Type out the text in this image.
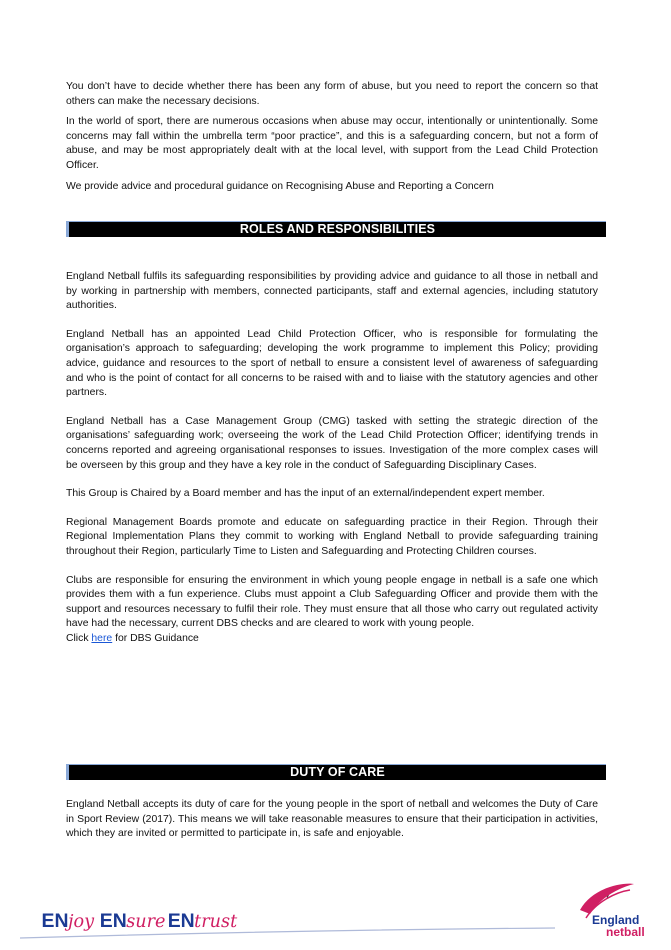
You don’t have to decide whether there has been any form of abuse, but you need to report the concern so that others can make the necessary decisions.

In the world of sport, there are numerous occasions when abuse may occur, intentionally or unintentionally. Some concerns may fall within the umbrella term “poor practice”, and this is a safeguarding concern, but not a form of abuse, and may be most appropriately dealt with at the local level, with support from the Lead Child Protection Officer.

We provide advice and procedural guidance on Recognising Abuse and Reporting a Concern

ROLES AND RESPONSIBILITIES

England Netball fulfils its safeguarding responsibilities by providing advice and guidance to all those in netball and by working in partnership with members, connected participants, staff and external agencies, including statutory authorities.

England Netball has an appointed Lead Child Protection Officer, who is responsible for formulating the organisation’s approach to safeguarding; developing the work programme to implement this Policy; providing advice, guidance and resources to the sport of netball to ensure a consistent level of awareness of safeguarding and who is the point of contact for all concerns to be raised with and to liaise with the statutory agencies and other partners.

England Netball has a Case Management Group (CMG) tasked with setting the strategic direction of the organisations’ safeguarding work; overseeing the work of the Lead Child Protection Officer; identifying trends in concerns reported and agreeing organisational responses to issues. Investigation of the more complex cases will be overseen by this group and they have a key role in the conduct of Safeguarding Disciplinary Cases.

This Group is Chaired by a Board member and has the input of an external/independent expert member.

Regional Management Boards promote and educate on safeguarding practice in their Region. Through their Regional Implementation Plans they commit to working with England Netball to provide safeguarding training throughout their Region, particularly Time to Listen and Safeguarding and Protecting Children courses.

Clubs are responsible for ensuring the environment in which young people engage in netball is a safe one which provides them with a fun experience. Clubs must appoint a Club Safeguarding Officer and provide them with the support and resources necessary to fulfil their role. They must ensure that all those who carry out regulated activity have had the necessary, current DBS checks and are cleared to work with young people.

Click here for DBS Guidance

DUTY OF CARE

England Netball accepts its duty of care for the young people in the sport of netball and welcomes the Duty of Care in Sport Review (2017). This means we will take reasonable measures to ensure that their participation in activities, which they are invited or permitted to participate in, is safe and enjoyable.

EN joy EN sure EN trust	England
netball
